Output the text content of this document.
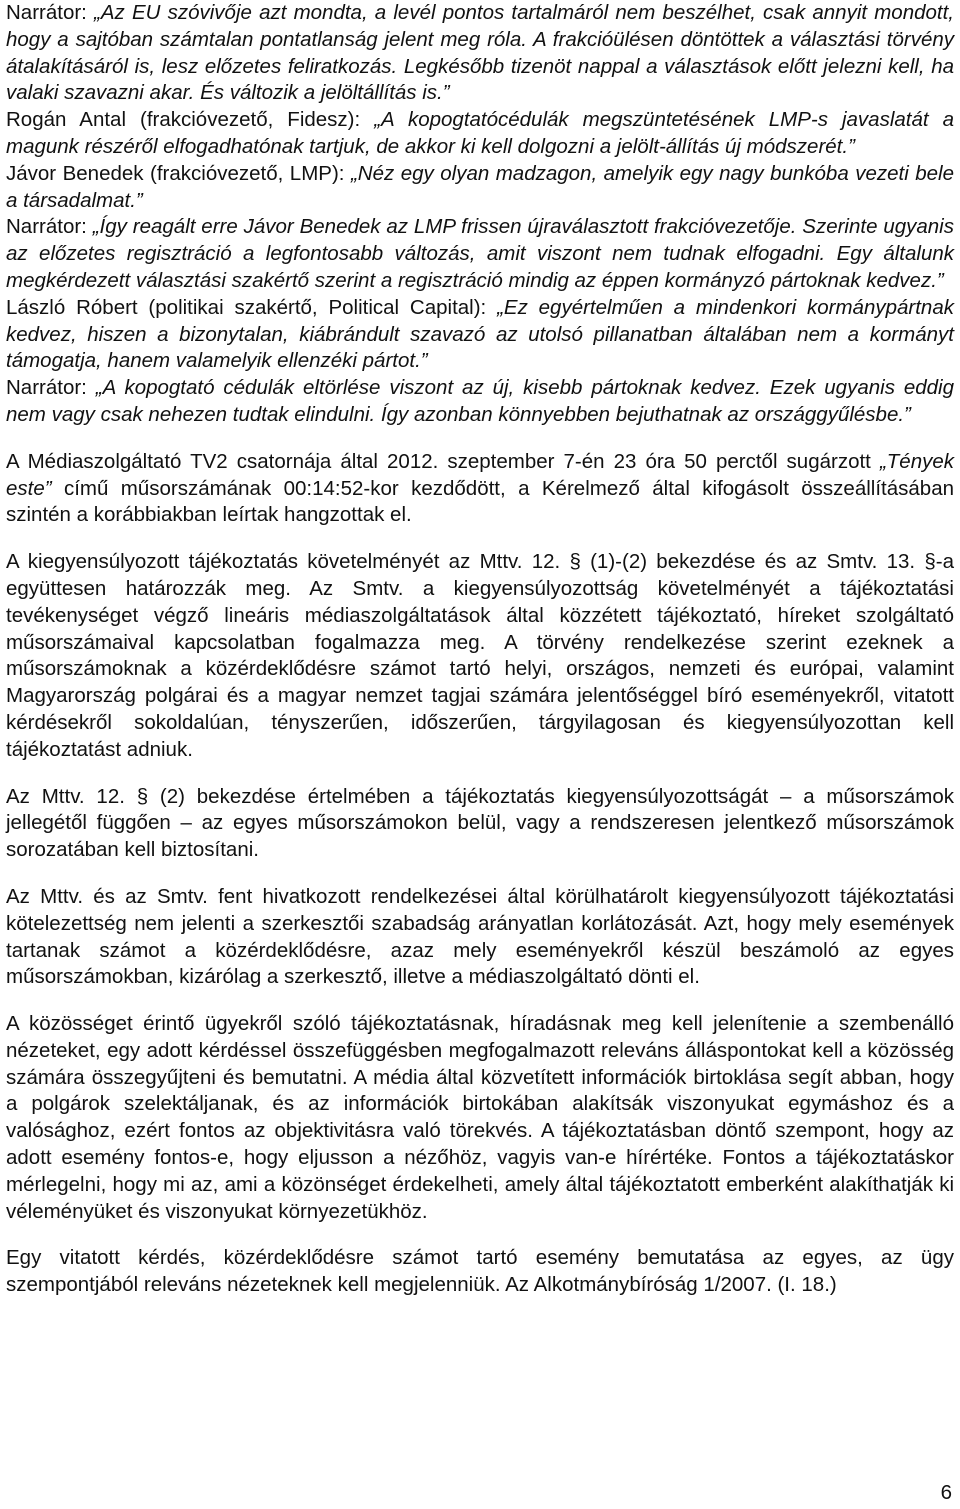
Narrátor: „Az EU szóvivője azt mondta, a levél pontos tartalmáról nem beszélhet, csak annyit mondott, hogy a sajtóban számtalan pontatlanság jelent meg róla. A frakcióülésen döntöttek a választási törvény átalakításáról is, lesz előzetes feliratkozás. Legkésőbb tizenöt nappal a választások előtt jelezni kell, ha valaki szavazni akar. És változik a jelöltállítás is.”

Rogán Antal (frakcióvezető, Fidesz): „A kopogtatócédulák megszüntetésének LMP-s javaslatát a magunk részéről elfogadhatónak tartjuk, de akkor ki kell dolgozni a jelölt-állítás új módszerét.”

Jávor Benedek (frakcióvezető, LMP): „Néz egy olyan madzagon, amelyik egy nagy bunkóba vezeti bele a társadalmat.”

Narrátor: „Így reagált erre Jávor Benedek az LMP frissen újraválasztott frakcióvezetője. Szerinte ugyanis az előzetes regisztráció a legfontosabb változás, amit viszont nem tudnak elfogadni. Egy általunk megkérdezett választási szakértő szerint a regisztráció mindig az éppen kormányzó pártoknak kedvez.”

László Róbert (politikai szakértő, Political Capital): „Ez egyértelműen a mindenkori kormánypártnak kedvez, hiszen a bizonytalan, kiábrándult szavazó az utolsó pillanatban általában nem a kormányt támogatja, hanem valamelyik ellenzéki pártot.”

Narrátor: „A kopogtató cédulák eltörlése viszont az új, kisebb pártoknak kedvez. Ezek ugyanis eddig nem vagy csak nehezen tudtak elindulni. Így azonban könnyebben bejuthatnak az országgyűlésbe.”

A Médiaszolgáltató TV2 csatornája által 2012. szeptember 7-én 23 óra 50 perctől sugárzott „Tények este” című műsorszámának 00:14:52-kor kezdődött, a Kérelmező által kifogásolt összeállításában szintén a korábbiakban leírtak hangzottak el.

A kiegyensúlyozott tájékoztatás követelményét az Mttv. 12. § (1)-(2) bekezdése és az Smtv. 13. §-a együttesen határozzák meg. Az Smtv. a kiegyensúlyozottság követelményét a tájékoztatási tevékenységet végző lineáris médiaszolgáltatások által közzétett tájékoztató, híreket szolgáltató műsorszámaival kapcsolatban fogalmazza meg. A törvény rendelkezése szerint ezeknek a műsorszámoknak a közérdeklődésre számot tartó helyi, országos, nemzeti és európai, valamint Magyarország polgárai és a magyar nemzet tagjai számára jelentőséggel bíró eseményekről, vitatott kérdésekről sokoldalúan, tényszerűen, időszerűen, tárgyilagosan és kiegyensúlyozottan kell tájékoztatást adniuk.

Az Mttv. 12. § (2) bekezdése értelmében a tájékoztatás kiegyensúlyozottságát – a műsorszámok jellegétől függően – az egyes műsorszámokon belül, vagy a rendszeresen jelentkező műsorszámok sorozatában kell biztosítani.

Az Mttv. és az Smtv. fent hivatkozott rendelkezései által körülhatárolt kiegyensúlyozott tájékoztatási kötelezettség nem jelenti a szerkesztői szabadság arányatlan korlátozását. Azt, hogy mely események tartanak számot a közérdeklődésre, azaz mely eseményekről készül beszámoló az egyes műsorszámokban, kizárólag a szerkesztő, illetve a médiaszolgáltató dönti el.

A közösséget érintő ügyekről szóló tájékoztatásnak, híradásnak meg kell jelenítenie a szembenálló nézeteket, egy adott kérdéssel összefüggésben megfogalmazott releváns álláspontokat kell a közösség számára összegyűjteni és bemutatni. A média által közvetített információk birtoklása segít abban, hogy a polgárok szelektáljanak, és az információk birtokában alakítsák viszonyukat egymáshoz és a valósághoz, ezért fontos az objektivitásra való törekvés. A tájékoztatásban döntő szempont, hogy az adott esemény fontos-e, hogy eljusson a nézőhöz, vagyis van-e hírértéke. Fontos a tájékoztatáskor mérlegelni, hogy mi az, ami a közönséget érdekelheti, amely által tájékoztatott emberként alakíthatják ki véleményüket és viszonyukat környezetükhöz.

Egy vitatott kérdés, közérdeklődésre számot tartó esemény bemutatása az egyes, az ügy szempontjából releváns nézeteknek kell megjelenniük. Az Alkotmánybíróság 1/2007. (I. 18.)

6
